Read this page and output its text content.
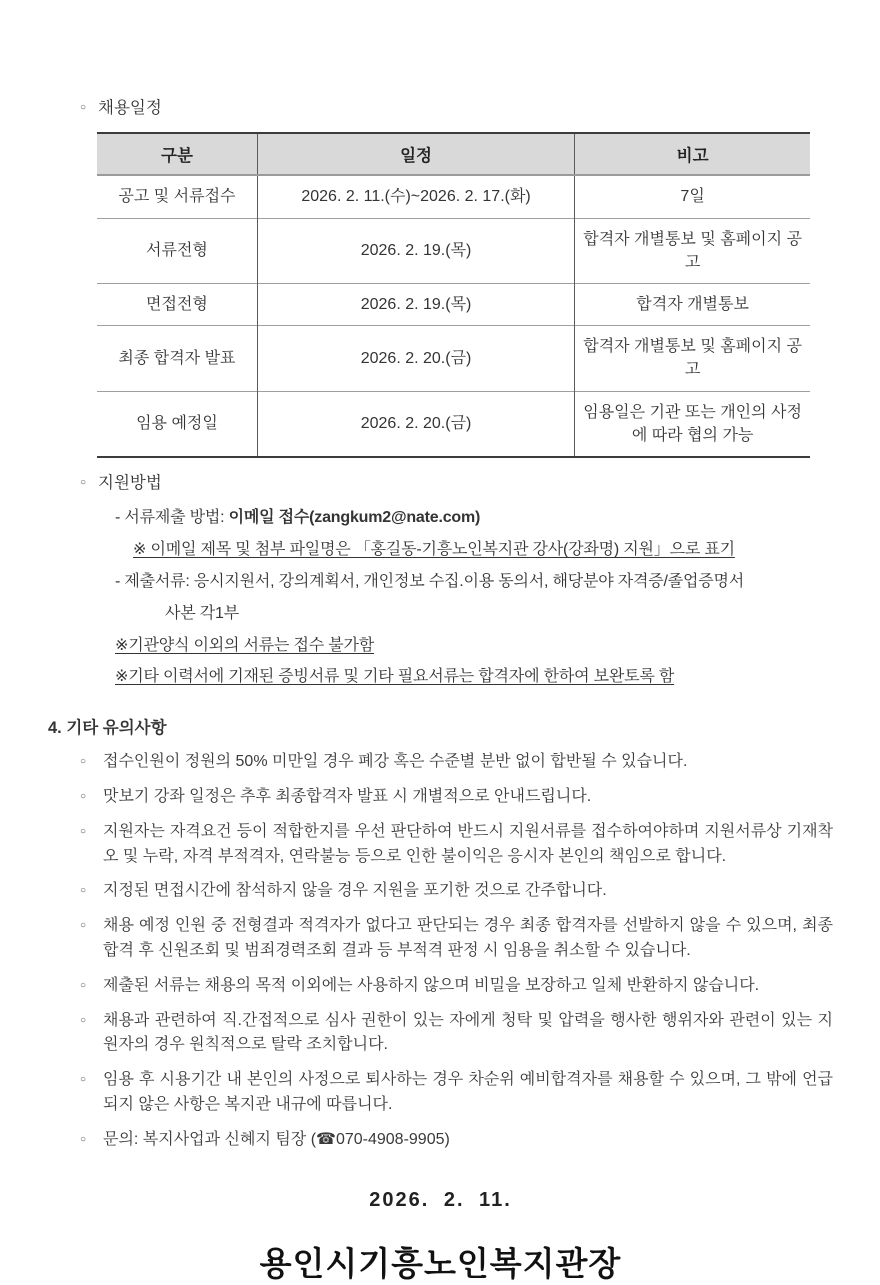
○ 채용일정
구분	일정	비고
공고 및 서류접수	2026. 2. 11.(수)~2026. 2. 17.(화)	7일
서류전형	2026. 2. 19.(목)	합격자 개별통보 및 홈페이지 공고
면접전형	2026. 2. 19.(목)	합격자 개별통보
최종 합격자 발표	2026. 2. 20.(금)	합격자 개별통보 및 홈페이지 공고
임용 예정일	2026. 2. 20.(금)	임용일은 기관 또는 개인의 사정에 따라 협의 가능
○ 지원방법
- 서류제출 방법: 이메일 접수(zangkum2@nate.com)
※ 이메일 제목 및 첨부 파일명은 「홍길동-기흥노인복지관 강사(강좌명) 지원」으로 표기
- 제출서류: 응시지원서, 강의계획서, 개인정보 수집.이용 동의서, 해당분야 자격증/졸업증명서
사본 각1부
※기관양식 이외의 서류는 접수 불가함
※기타 이력서에 기재된 증빙서류 및 기타 필요서류는 합격자에 한하여 보완토록 함
4. 기타 유의사항
○ 접수인원이 정원의 50% 미만일 경우 폐강 혹은 수준별 분반 없이 합반될 수 있습니다.
○ 맛보기 강좌 일정은 추후 최종합격자 발표 시 개별적으로 안내드립니다.
○ 지원자는 자격요건 등이 적합한지를 우선 판단하여 반드시 지원서류를 접수하여야하며 지원서류상 기재착오 및 누락, 자격 부적격자, 연락불능 등으로 인한 불이익은 응시자 본인의 책임으로 합니다.
○ 지정된 면접시간에 참석하지 않을 경우 지원을 포기한 것으로 간주합니다.
○ 채용 예정 인원 중 전형결과 적격자가 없다고 판단되는 경우 최종 합격자를 선발하지 않을 수 있으며, 최종 합격 후 신원조회 및 범죄경력조회 결과 등 부적격 판정 시 임용을 취소할 수 있습니다.
○ 제출된 서류는 채용의 목적 이외에는 사용하지 않으며 비밀을 보장하고 일체 반환하지 않습니다.
○ 채용과 관련하여 직.간접적으로 심사 권한이 있는 자에게 청탁 및 압력을 행사한 행위자와 관련이 있는 지원자의 경우 원칙적으로 탈락 조치합니다.
○ 임용 후 시용기간 내 본인의 사정으로 퇴사하는 경우 차순위 예비합격자를 채용할 수 있으며, 그 밖에 언급되지 않은 사항은 복지관 내규에 따릅니다.
○ 문의: 복지사업과 신혜지 팀장 (☎070-4908-9905)
2026. 2. 11.
용인시기흥노인복지관장
